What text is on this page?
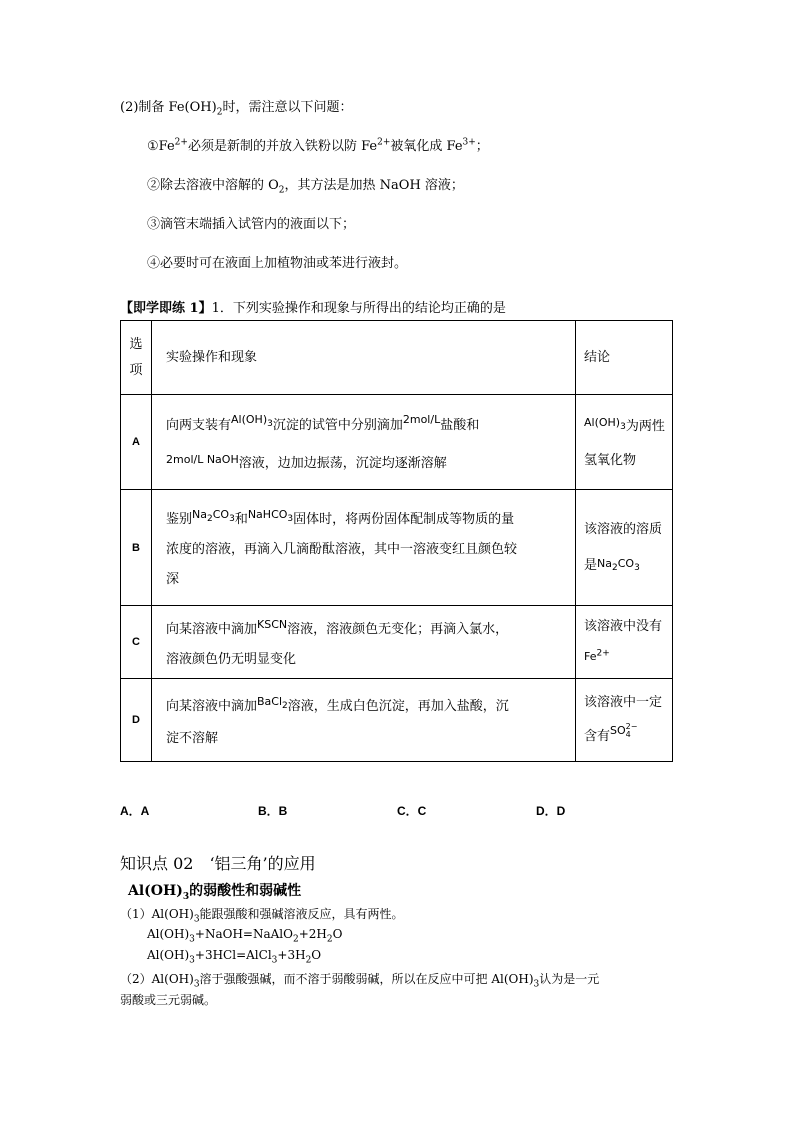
(2)制备 $Fe(OH)_2$时，需注意以下问题：
$①Fe^{2+}$必须是新制的并放入铁粉以防 $Fe^{2+}$被氧化成 $Fe^{3+}$；
②除去溶液中溶解的 $O_2$，其方法是加热 NaOH 溶液；
③滴管末端插入试管内的液面以下；
④必要时可在液面上加植物油或苯进行液封。
【即学即练 1】1．下列实验操作和现象与所得出的结论均正确的是
选
项	实验操作和现象	结论
A	向两支装有$^{Al(OH)_3}$沉淀的试管中分别滴加$^{2mol/L}$盐酸和
$^{2mol/L NaOH}$溶液，边加边振荡，沉淀均逐渐溶解	$^{Al(OH)_3}$为两性
氢氧化物
B	鉴别$^{Na_2CO_3}$和$^{NaHCO_3}$固体时，将两份固体配制成等物质的量
浓度的溶液，再滴入几滴酚酞溶液，其中一溶液变红且颜色较
深	该溶液的溶质
是$Na_2CO_3$
C	向某溶液中滴加$^{KSCN}$溶液，溶液颜色无变化；再滴入氯水，
溶液颜色仍无明显变化	该溶液中没有
$Fe^{2+}$
D	向某溶液中滴加$^{BaCl_2}$溶液，生成白色沉淀，再加入盐酸，沉
淀不溶解	该溶液中一定
含有$^{SO 2- 4}$
A．A	B．B	C．C	D．D
知识点 02　‘铝三角’的应用
$Al(OH)_3$的弱酸性和弱碱性
$(1)Al(OH)_3$能跟强酸和强碱溶液反应，具有两性。
$Al(OH)_3+NaOH=NaAlO_2+2H_2O$
$Al(OH)_3+3HCl=AlCl_3+3H_2O$
$(2)Al(OH)_3$溶于强酸强碱，而不溶于弱酸弱碱，所以在反应中可把 $Al(OH)_3$认为是一元
弱酸或三元弱碱。
